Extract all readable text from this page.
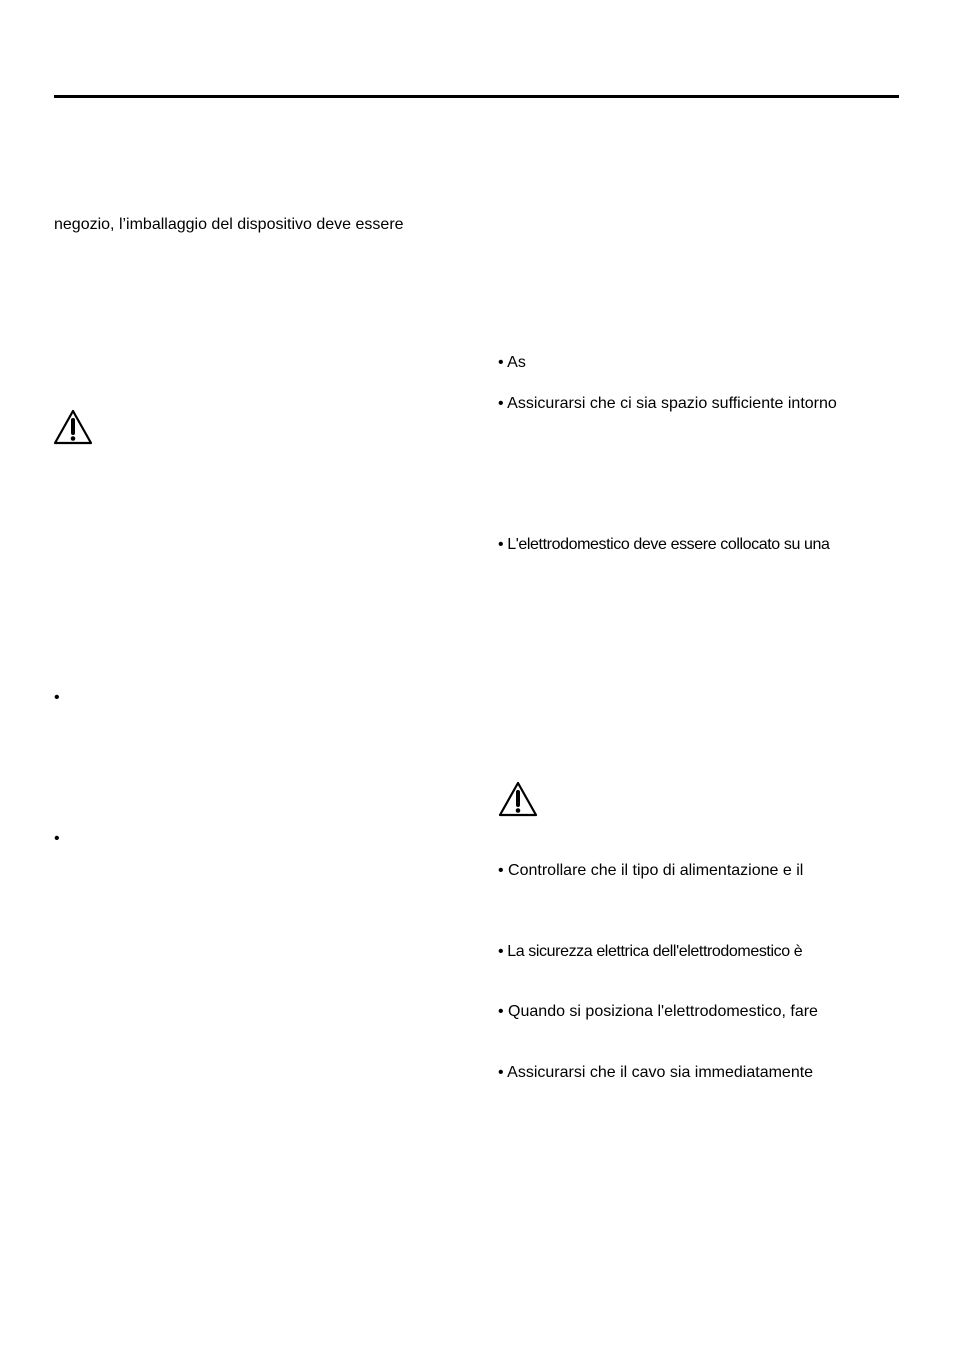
negozio, l’imballaggio del dispositivo deve essere
•
•
• As
• Assicurarsi che ci sia spazio sufficiente intorno
• L'elettrodomestico deve essere collocato su una
• Controllare che il tipo di alimentazione e il
• La sicurezza elettrica dell'elettrodomestico è
• Quando si posiziona l'elettrodomestico, fare
• Assicurarsi che il cavo sia immediatamente
